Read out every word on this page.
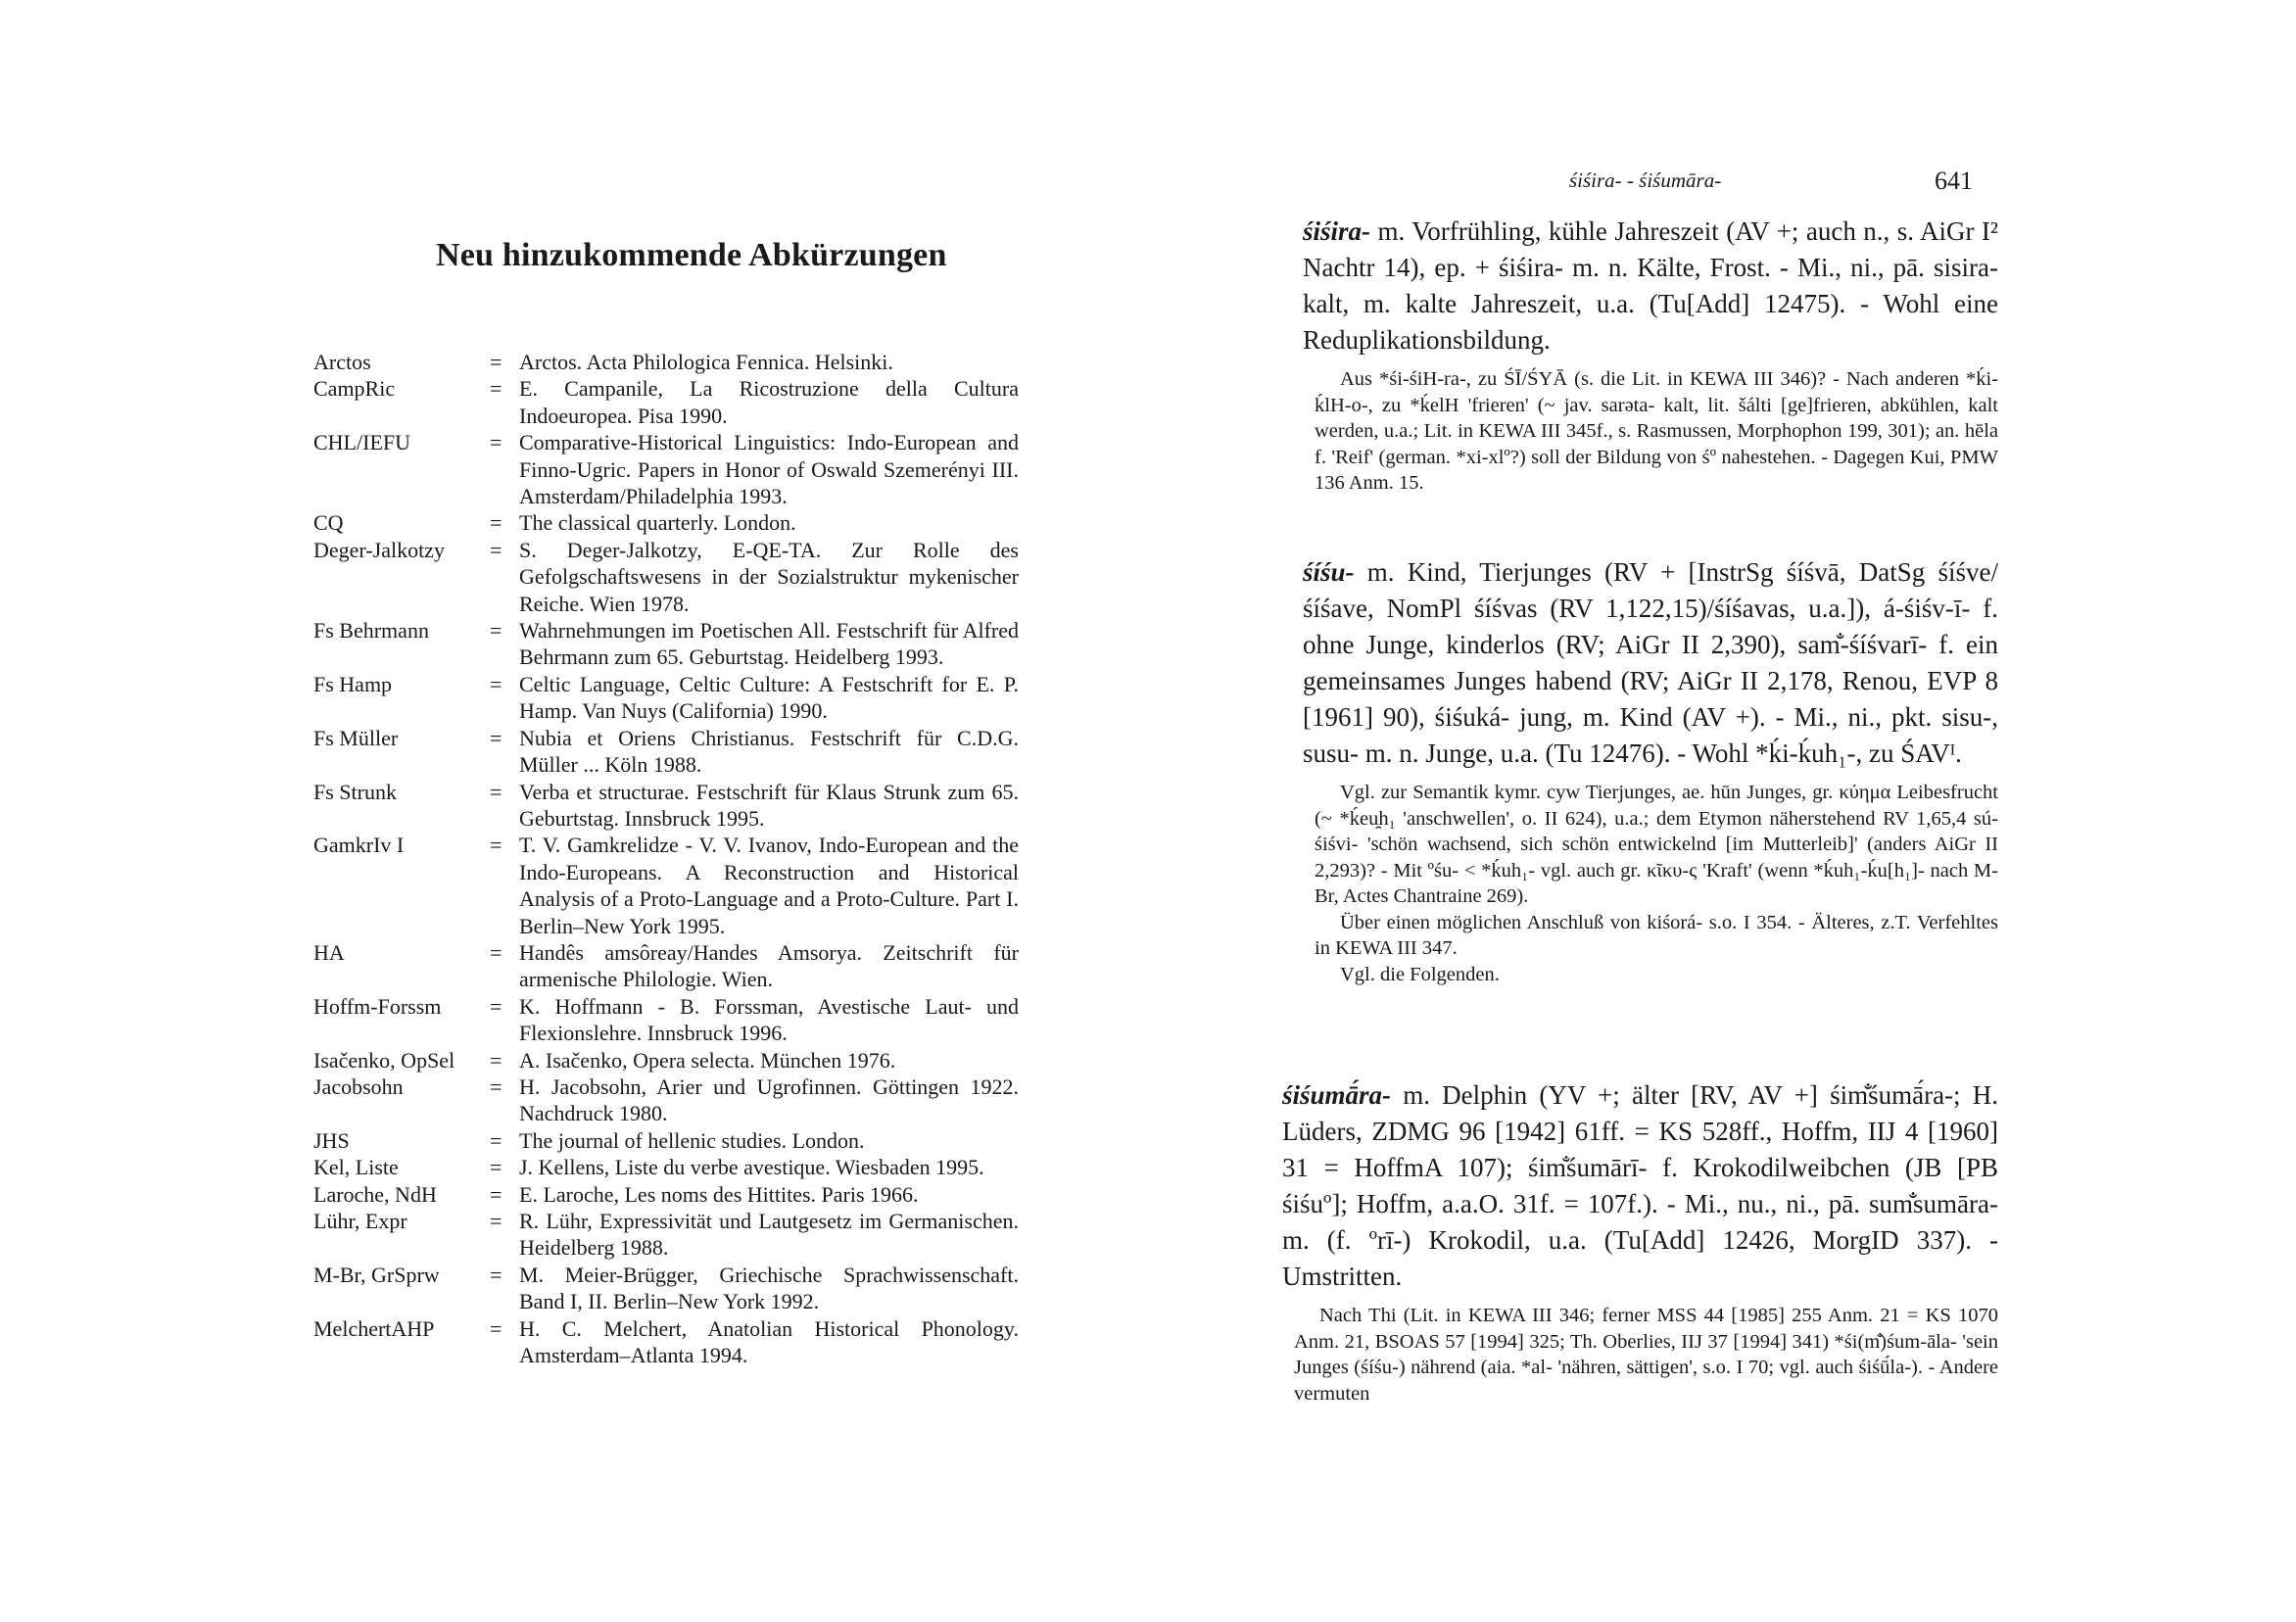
Neu hinzukommende Abkürzungen
Arctos	= Arctos. Acta Philologica Fennica. Helsinki.
CampRic	= E. Campanile, La Ricostruzione della Cultura Indoeuropea. Pisa 1990.
CHL/IEFU	= Comparative-Historical Linguistics: Indo-European and Finno-Ugric. Papers in Honor of Oswald Szemerényi III. Amsterdam/Philadelphia 1993.
CQ	= The classical quarterly. London.
Deger-Jalkotzy	= S. Deger-Jalkotzy, E-QE-TA. Zur Rolle des Gefolgschaftswesens in der Sozialstruktur mykenischer Reiche. Wien 1978.
Fs Behrmann	= Wahrnehmungen im Poetischen All. Festschrift für Alfred Behrmann zum 65. Geburtstag. Heidelberg 1993.
Fs Hamp	= Celtic Language, Celtic Culture: A Festschrift for E. P. Hamp. Van Nuys (California) 1990.
Fs Müller	= Nubia et Oriens Christianus. Festschrift für C.D.G. Müller ... Köln 1988.
Fs Strunk	= Verba et structurae. Festschrift für Klaus Strunk zum 65. Geburtstag. Innsbruck 1995.
GamkrIv I	= T. V. Gamkrelidze - V. V. Ivanov, Indo-European and the Indo-Europeans. A Reconstruction and Historical Analysis of a Proto-Language and a Proto-Culture. Part I. Berlin–New York 1995.
HA	= Handês amsôreay/Handes Amsorya. Zeitschrift für armenische Philologie. Wien.
Hoffm-Forssm	= K. Hoffmann - B. Forssman, Avestische Laut- und Flexionslehre. Innsbruck 1996.
Isačenko, OpSel	= A. Isačenko, Opera selecta. München 1976.
Jacobsohn	= H. Jacobsohn, Arier und Ugrofinnen. Göttingen 1922. Nachdruck 1980.
JHS	= The journal of hellenic studies. London.
Kel, Liste	= J. Kellens, Liste du verbe avestique. Wiesbaden 1995.
Laroche, NdH	= E. Laroche, Les noms des Hittites. Paris 1966.
Lühr, Expr	= R. Lühr, Expressivität und Lautgesetz im Germanischen. Heidelberg 1988.
M-Br, GrSprw	= M. Meier-Brügger, Griechische Sprachwissenschaft. Band I, II. Berlin–New York 1992.
MelchertAHP	= H. C. Melchert, Anatolian Historical Phonology. Amsterdam–Atlanta 1994.
śiśira- - śiśumāra-	641

śiśira- m. Vorfrühling, kühle Jahreszeit (AV +; auch n., s. AiGr I² Nachtr 14), ep. + śiśira- m. n. Kälte, Frost. - Mi., ni., pā. sisira- kalt, m. kalte Jahreszeit, u.a. (Tu[Add] 12475). - Wohl eine Reduplikationsbildung.

Aus *śi-śiH-ra-, zu ŚĪ/ŚYĀ (s. die Lit. in KEWA III 346)? - Nach anderen *ḱi-ḱlH-o-, zu *ḱelH 'frieren' (~ jav. sarǝta- kalt, lit. šálti [ge]frieren, abkühlen, kalt werden, u.a.; Lit. in KEWA III 345f., s. Rasmussen, Morphophon 199, 301); an. hēla f. 'Reif' (german. *xi-xlº?) soll der Bildung von śº nahestehen. - Dagegen Kui, PMW 136 Anm. 15.

śíśu- m. Kind, Tierjunges (RV + [InstrSg śíśvā, DatSg śíśve/ śíśave, NomPl śíśvas (RV 1,122,15)/śíśavas, u.a.]), á-śiśv-ī- f. ohne Junge, kinderlos (RV; AiGr II 2,390), sam̐-śíśvarī- f. ein gemeinsames Junges habend (RV; AiGr II 2,178, Renou, EVP 8 [1961] 90), śiśuká- jung, m. Kind (AV +). - Mi., ni., pkt. sisu-, susu- m. n. Junge, u.a. (Tu 12476). - Wohl *ḱi-ḱuh₁-, zu ŚAVᴵ.

Vgl. zur Semantik kymr. cyw Tierjunges, ae. hūn Junges, gr. κύημα Leibesfrucht (~ *ḱeu̯h₁ 'anschwellen', o. II 624), u.a.; dem Etymon näherstehend RV 1,65,4 sú-śiśvi- 'schön wachsend, sich schön entwickelnd [im Mutterleib]' (anders AiGr II 2,293)? - Mit ºśu- < *ḱuh₁- vgl. auch gr. κῖκυ-ς 'Kraft' (wenn *ḱuh₁-ḱu[h₁]- nach M-Br, Actes Chantraine 269).

Über einen möglichen Anschluß von kiśorá- s.o. I 354. - Älteres, z.T. Verfehltes in KEWA III 347.

Vgl. die Folgenden.

śiśumā́ra- m. Delphin (YV +; älter [RV, AV +] śim̐śumā́ra-; H. Lüders, ZDMG 96 [1942] 61ff. = KS 528ff., Hoffm, IIJ 4 [1960] 31 = HoffmA 107); śim̐śumārī- f. Krokodilweibchen (JB [PB śiśuº]; Hoffm, a.a.O. 31f. = 107f.). - Mi., nu., ni., pā. sum̐sumāra- m. (f. ºrī-) Krokodil, u.a. (Tu[Add] 12426, MorgID 337). - Umstritten.

Nach Thi (Lit. in KEWA III 346; ferner MSS 44 [1985] 255 Anm. 21 = KS 1070 Anm. 21, BSOAS 57 [1994] 325; Th. Oberlies, IIJ 37 [1994] 341) *śi(m̐)śum-āla- 'sein Junges (śíśu-) nährend (aia. *al- 'nähren, sättigen', s.o. I 70; vgl. auch śiśū́la-). - Andere vermuten
